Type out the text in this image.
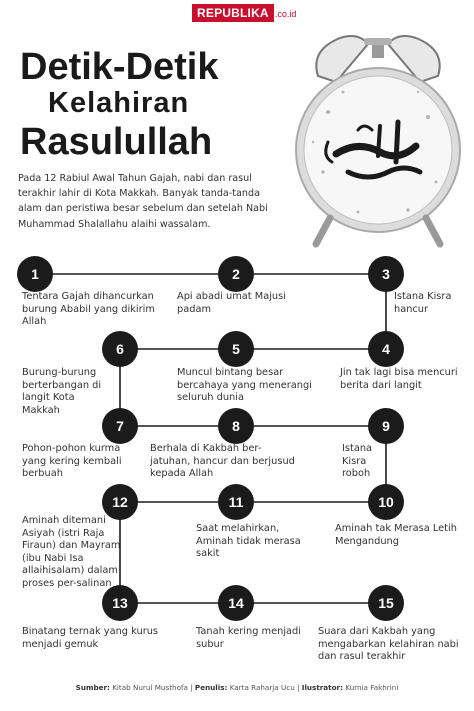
REPUBLIKA .co.id
Detik-Detik
Kelahiran
Rasulullah
Pada 12 Rabiul Awal Tahun Gajah, nabi dan rasul terakhir lahir di Kota Makkah. Banyak tanda-tanda alam dan peristiwa besar sebelum dan setelah Nabi Muhammad Shalallahu alaihi wassalam.
1	2	3
4
5
6
7	8	9
10
11
12
13	14	15
Tentara Gajah dihancurkan burung Ababil yang dikirim Allah
Api abadi umat Majusi padam
Istana Kisra hancur
Jin tak lagi bisa mencuri berita dari langit
Muncul bintang besar bercahaya yang menerangi seluruh dunia
Burung-burung berterbangan di langit Kota Makkah
Pohon-pohon kurma yang kering kembali berbuah
Berhala di Kakbah ber-jatuhan, hancur dan berjusud kepada Allah
Istana Kisra roboh
Aminah tak Merasa Letih Mengandung
Saat melahirkan, Aminah tidak merasa sakit
Aminah ditemani Asiyah (istri Raja Firaun) dan Mayram (ibu Nabi Isa allaihisalam) dalam proses per-salinan
Binatang ternak yang kurus menjadi gemuk
Tanah kering menjadi subur
Suara dari Kakbah yang mengabarkan kelahiran nabi dan rasul terakhir
Sumber: Kitab Nurul Musthofa | Penulis: Karta Raharja Ucu | Ilustrator: Kurnia Fakhrini
